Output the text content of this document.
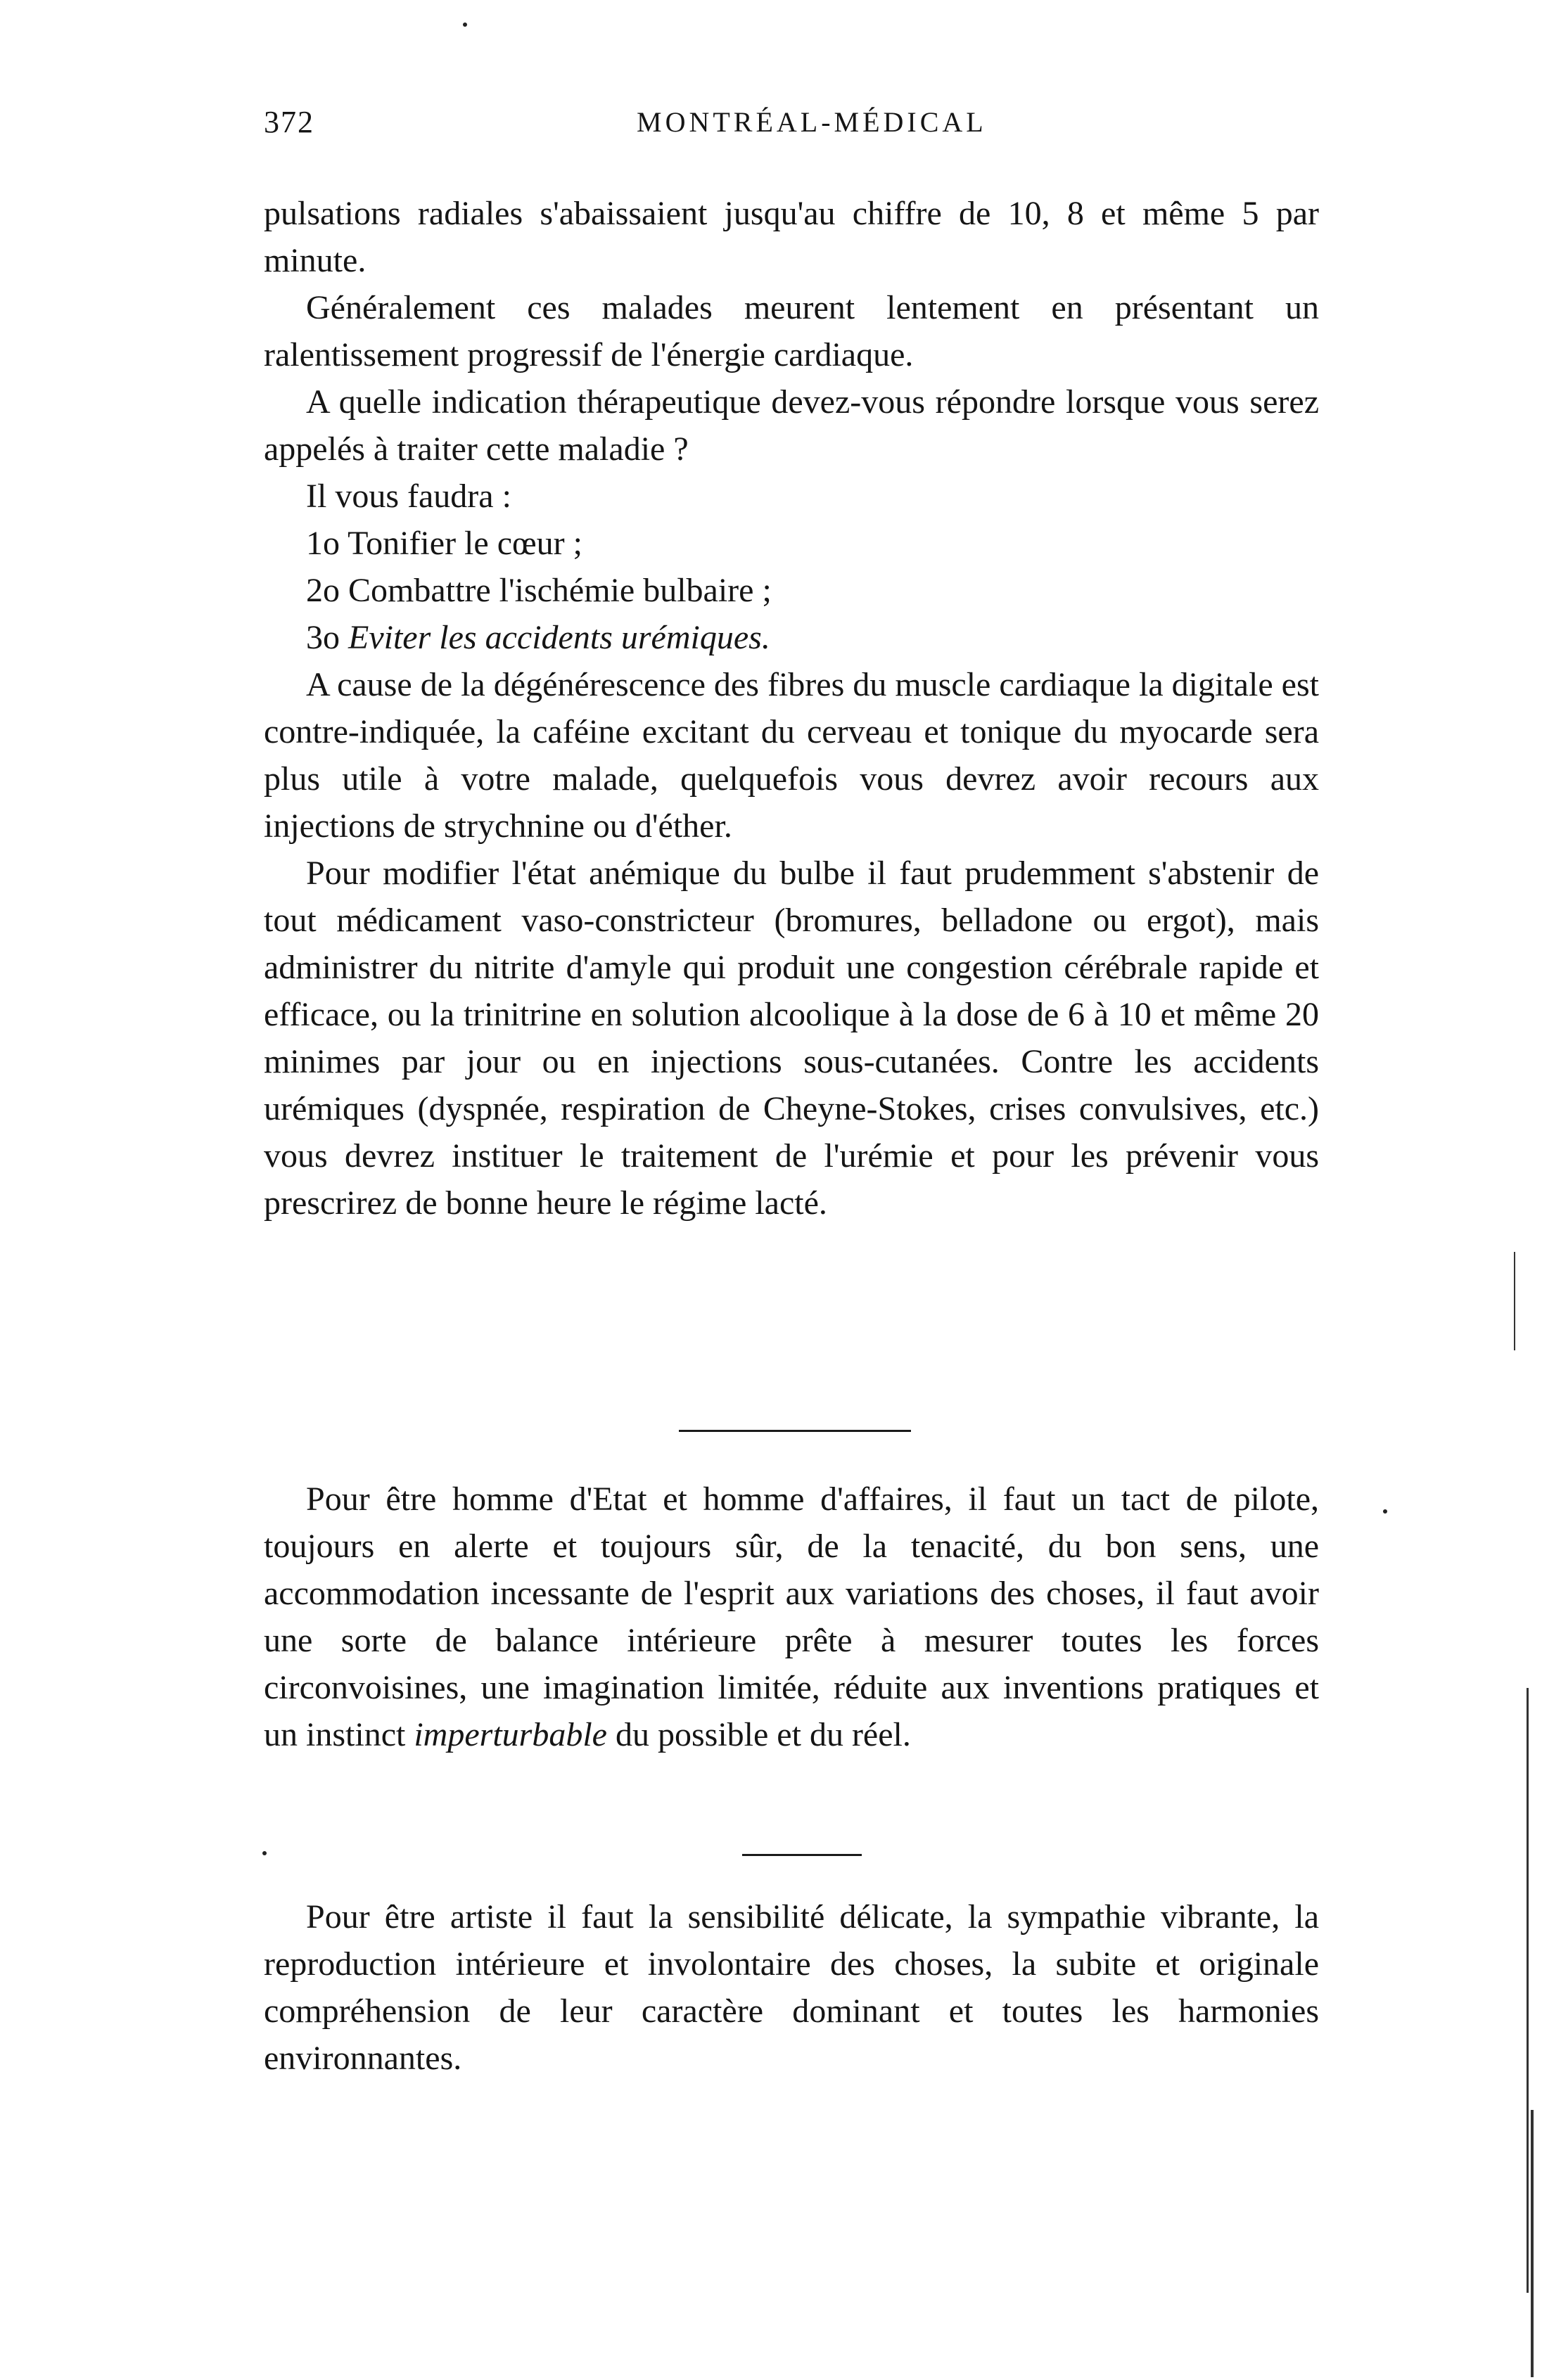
372	MONTRÉAL-MÉDICAL

pulsations radiales s'abaissaient jusqu'au chiffre de 10, 8 et même 5 par minute.

Généralement ces malades meurent lentement en présentant un ralentissement progressif de l'énergie cardiaque.

A quelle indication thérapeutique devez-vous répondre lorsque vous serez appelés à traiter cette maladie ?

Il vous faudra :

1o Tonifier le cœur ;

2o Combattre l'ischémie bulbaire ;

3o Eviter les accidents urémiques.

A cause de la dégénérescence des fibres du muscle cardiaque la digitale est contre-indiquée, la caféine excitant du cerveau et tonique du myocarde sera plus utile à votre malade, quelquefois vous devrez avoir recours aux injections de strychnine ou d'éther.

Pour modifier l'état anémique du bulbe il faut prudemment s'abstenir de tout médicament vaso-constricteur (bromures, belladone ou ergot), mais administrer du nitrite d'amyle qui produit une congestion cérébrale rapide et efficace, ou la trinitrine en solution alcoolique à la dose de 6 à 10 et même 20 minimes par jour ou en injections sous-cutanées. Contre les accidents urémiques (dyspnée, respiration de Cheyne-Stokes, crises convulsives, etc.) vous devrez instituer le traitement de l'urémie et pour les prévenir vous prescrirez de bonne heure le régime lacté.

Pour être homme d'Etat et homme d'affaires, il faut un tact de pilote, toujours en alerte et toujours sûr, de la tenacité, du bon sens, une accommodation incessante de l'esprit aux variations des choses, il faut avoir une sorte de balance intérieure prête à mesurer toutes les forces circonvoisines, une imagination limitée, réduite aux inventions pratiques et un instinct imperturbable du possible et du réel.

Pour être artiste il faut la sensibilité délicate, la sympathie vibrante, la reproduction intérieure et involontaire des choses, la subite et originale compréhension de leur caractère dominant et toutes les harmonies environnantes.
